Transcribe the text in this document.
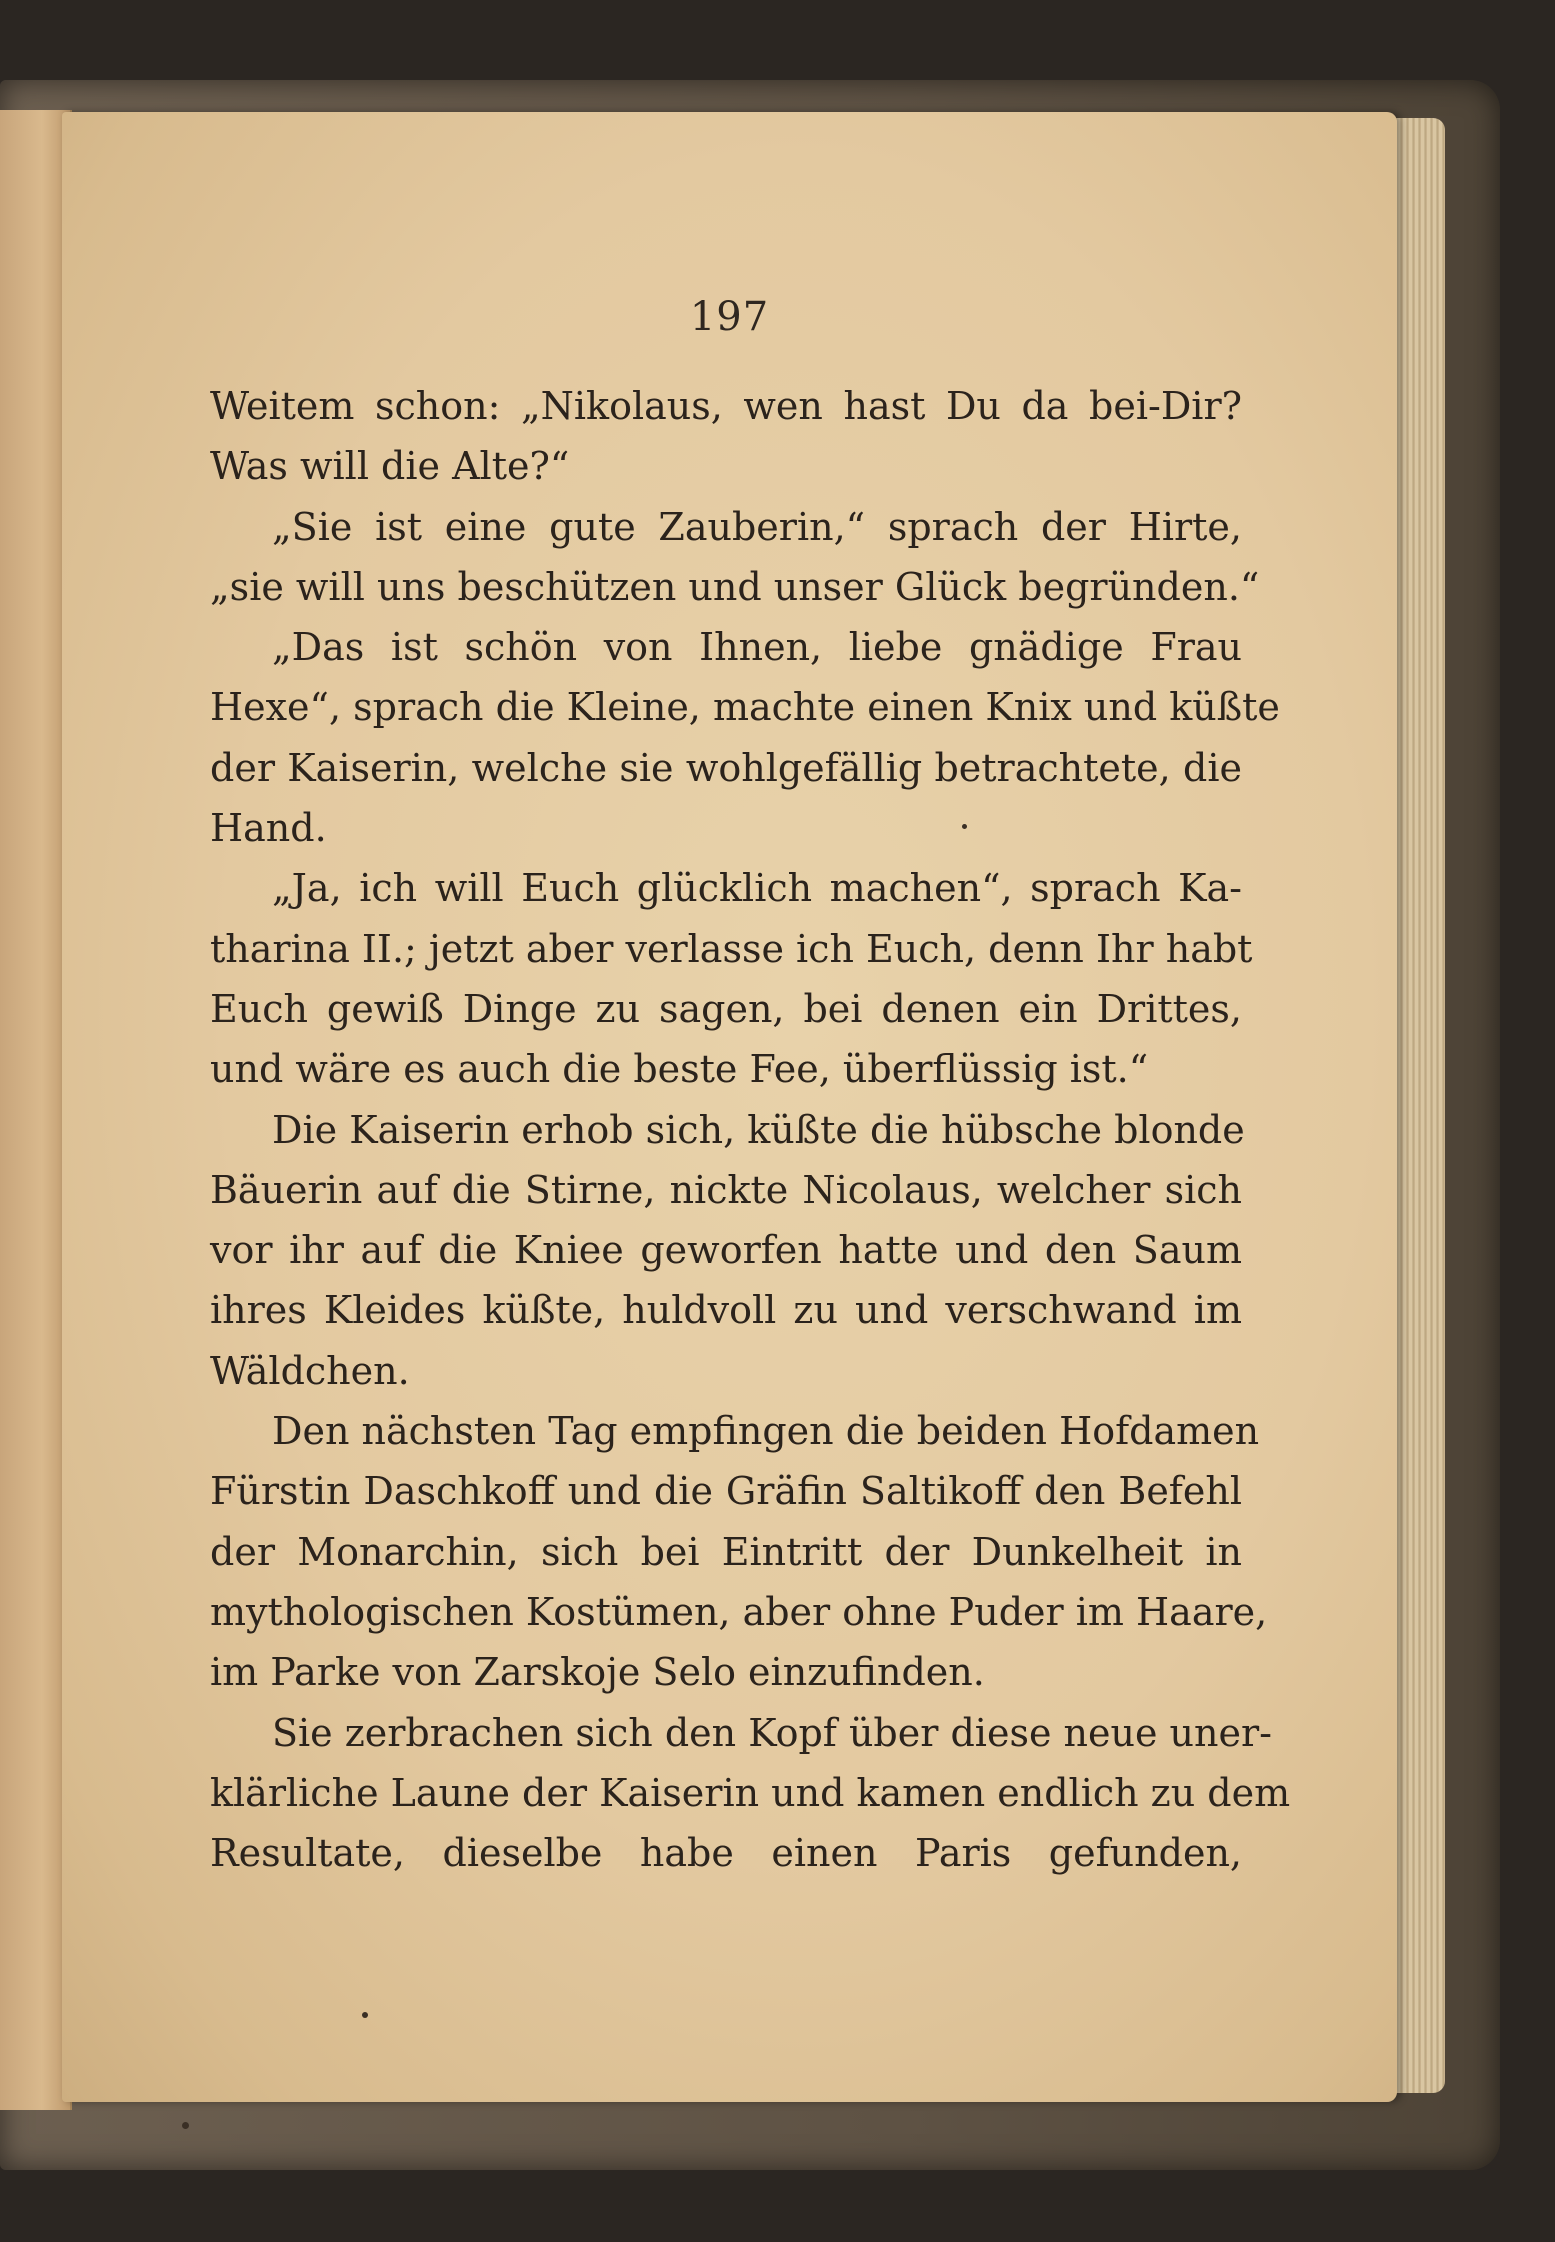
197
Weitem schon: „Nikolaus, wen hast Du da bei-Dir?
Was will die Alte?“
„Sie ist eine gute Zauberin,“ sprach der Hirte,
„sie will uns beschützen und unser Glück begründen.“
„Das ist schön von Ihnen, liebe gnädige Frau
Hexe“, sprach die Kleine, machte einen Knix und küßte
der Kaiserin, welche sie wohlgefällig betrachtete, die
Hand.
„Ja, ich will Euch glücklich machen“, sprach Ka-
tharina II.; jetzt aber verlasse ich Euch, denn Ihr habt
Euch gewiß Dinge zu sagen, bei denen ein Drittes,
und wäre es auch die beste Fee, überflüssig ist.“
Die Kaiserin erhob sich, küßte die hübsche blonde
Bäuerin auf die Stirne, nickte Nicolaus, welcher sich
vor ihr auf die Kniee geworfen hatte und den Saum
ihres Kleides küßte, huldvoll zu und verschwand im
Wäldchen.
Den nächsten Tag empfingen die beiden Hofdamen
Fürstin Daschkoff und die Gräfin Saltikoff den Befehl
der Monarchin, sich bei Eintritt der Dunkelheit in
mythologischen Kostümen, aber ohne Puder im Haare,
im Parke von Zarskoje Selo einzufinden.
Sie zerbrachen sich den Kopf über diese neue uner-
klärliche Laune der Kaiserin und kamen endlich zu dem
Resultate, dieselbe habe einen Paris gefunden,
